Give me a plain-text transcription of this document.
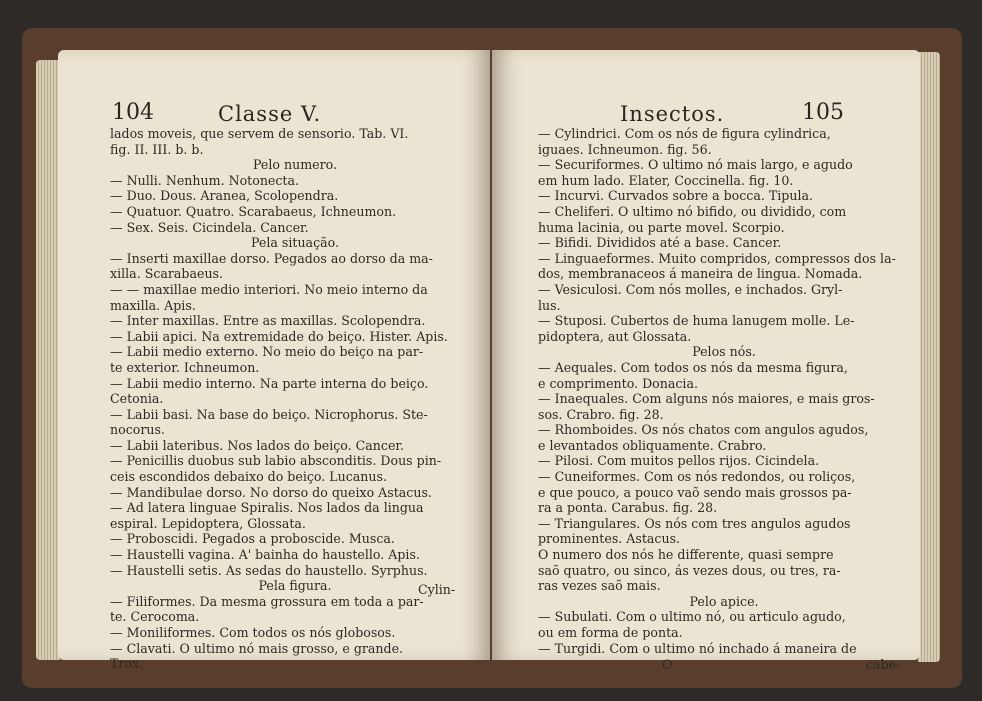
104	Classe V.
lados moveis, que servem de sensorio. Tab. VI.
fig. II. III. b. b.
Pelo numero.
— Nulli. Nenhum. Notonecta.
— Duo. Dous. Aranea, Scolopendra.
— Quatuor. Quatro. Scarabaeus, Ichneumon.
— Sex. Seis. Cicindela. Cancer.
Pela situação.
— Inserti maxillae dorso. Pegados ao dorso da ma-
xilla. Scarabaeus.
— — maxillae medio interiori. No meio interno da
maxilla. Apis.
— Inter maxillas. Entre as maxillas. Scolopendra.
— Labii apici. Na extremidade do beiço. Hister. Apis.
— Labii medio externo. No meio do beiço na par-
te exterior. Ichneumon.
— Labii medio interno. Na parte interna do beiço.
Cetonia.
— Labii basi. Na base do beiço. Nicrophorus. Ste-
nocorus.
— Labii lateribus. Nos lados do beiço. Cancer.
— Penicillis duobus sub labio absconditis. Dous pin-
ceis escondidos debaixo do beiço. Lucanus.
— Mandibulae dorso. No dorso do queixo Astacus.
— Ad latera linguae Spiralis. Nos lados da lingua
espiral. Lepidoptera, Glossata.
— Probosci̇di. Pegados a probosci̇de. Musca.
— Haustelli vagina. A' bainha do haustello. Apis.
— Haustelli setis. As sedas do haustello. Syrphus.
Pela figura.
— Filiformes. Da mesma grossura em toda a par-
te. Cerocoma.
— Moniliformes. Com todos os nós globosos.
— Clavati. O ultimo nó mais grosso, e grande.
Trox.
Cylin-
Insectos.	105
— Cylindrici. Com os nós de figura cylindrica,
iguaes. Ichneumon. fig. 56.
— Securiformes. O ultimo nó mais largo, e agudo
em hum lado. Elater, Coccinella. fig. 10.
— Incurvi. Curvados sobre a bocca. Tipula.
— Cheliferi. O ultimo nó bifido, ou dividido, com
huma lacinia, ou parte movel. Scorpio.
— Bifidi. Divididos até a base. Cancer.
— Linguaeformes. Muito compridos, compressos dos la-
dos, membranaceos á maneira de lingua. Nomada.
— Vesiculosi. Com nós molles, e inchados. Gryl-
lus.
— Stuposi. Cubertos de huma lanugem molle. Le-
pidoptera, aut Glossata.
Pelos nós.
— Aequales. Com todos os nós da mesma figura,
e comprimento. Donacia.
— Inaequales. Com alguns nós maiores, e mais gros-
sos. Crabro. fig. 28.
— Rhomboides. Os nós chatos com angulos agudos,
e levantados obliquamente. Crabro.
— Pilosi. Com muitos pellos rijos. Cicindela.
— Cuneiformes. Com os nós redondos, ou roliços,
e que pouco, a pouco vaõ sendo mais grossos pa-
ra a ponta. Carabus. fig. 28.
— Triangulares. Os nós com tres angulos agudos
prominentes. Astacus.
O numero dos nós he differente, quasi sempre
saõ quatro, ou sinco, ás vezes dous, ou tres, ra-
ras vezes saõ mais.
Pelo apice.
— Subulati. Com o ultimo nó, ou articulo agudo,
ou em forma de ponta.
— Turgidi. Com o ultimo nó inchado á maneira de
O	cabe-
